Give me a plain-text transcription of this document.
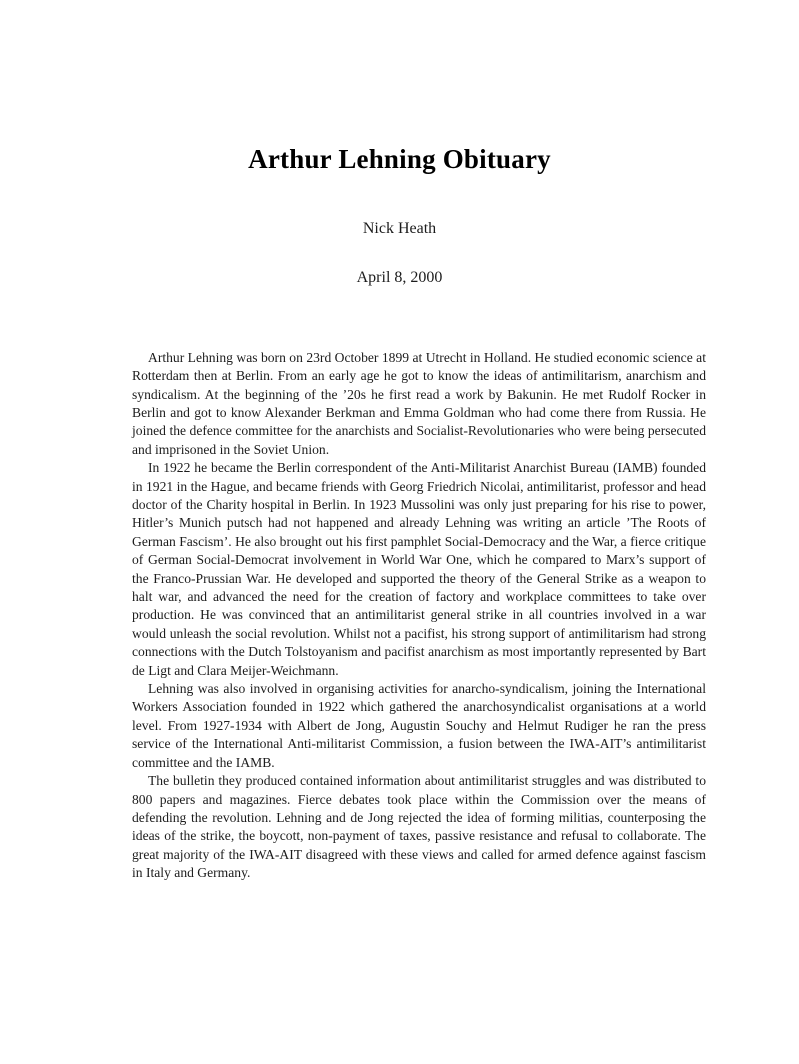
Arthur Lehning Obituary
Nick Heath
April 8, 2000

Arthur Lehning was born on 23rd October 1899 at Utrecht in Holland. He studied economic science at Rotterdam then at Berlin. From an early age he got to know the ideas of antimilitarism, anarchism and syndicalism. At the beginning of the ’20s he first read a work by Bakunin. He met Rudolf Rocker in Berlin and got to know Alexander Berkman and Emma Goldman who had come there from Russia. He joined the defence committee for the anarchists and Socialist-Revolutionaries who were being persecuted and imprisoned in the Soviet Union.

In 1922 he became the Berlin correspondent of the Anti-Militarist Anarchist Bureau (IAMB) founded in 1921 in the Hague, and became friends with Georg Friedrich Nicolai, antimilitarist, professor and head doctor of the Charity hospital in Berlin. In 1923 Mussolini was only just preparing for his rise to power, Hitler’s Munich putsch had not happened and already Lehning was writing an article ’The Roots of German Fascism’. He also brought out his first pamphlet Social-Democracy and the War, a fierce critique of German Social-Democrat involvement in World War One, which he compared to Marx’s support of the Franco-Prussian War. He developed and supported the theory of the General Strike as a weapon to halt war, and advanced the need for the creation of factory and workplace committees to take over production. He was convinced that an antimilitarist general strike in all countries involved in a war would unleash the social revolution. Whilst not a pacifist, his strong support of antimilitarism had strong connections with the Dutch Tolstoyanism and pacifist anarchism as most importantly represented by Bart de Ligt and Clara Meijer-Weichmann.

Lehning was also involved in organising activities for anarcho-syndicalism, joining the International Workers Association founded in 1922 which gathered the anarchosyndicalist organisations at a world level. From 1927-1934 with Albert de Jong, Augustin Souchy and Helmut Rudiger he ran the press service of the International Anti-militarist Commission, a fusion between the IWA-AIT’s antimilitarist committee and the IAMB.

The bulletin they produced contained information about antimilitarist struggles and was distributed to 800 papers and magazines. Fierce debates took place within the Commission over the means of defending the revolution. Lehning and de Jong rejected the idea of forming militias, counterposing the ideas of the strike, the boycott, non-payment of taxes, passive resistance and refusal to collaborate. The great majority of the IWA-AIT disagreed with these views and called for armed defence against fascism in Italy and Germany.
